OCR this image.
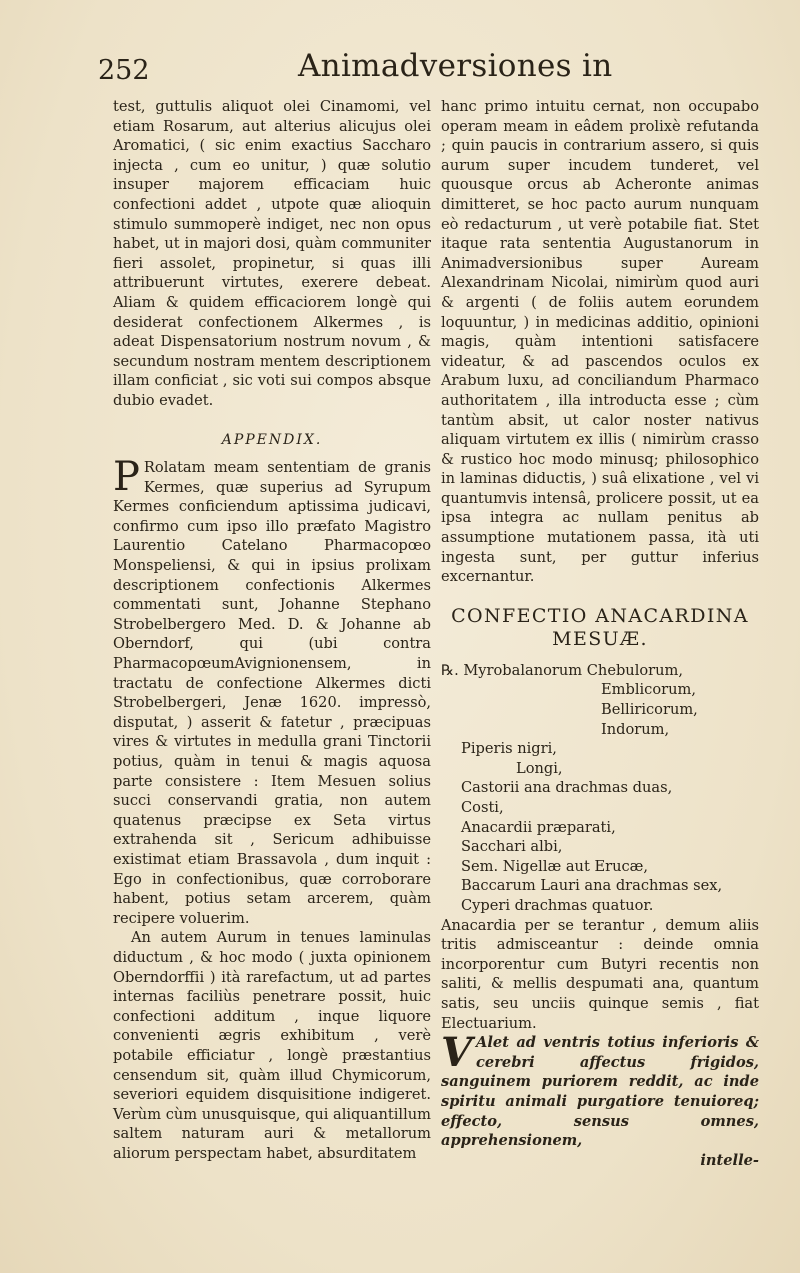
252	Animadversiones in

test, guttulis aliquot olei Cinamomi, vel etiam Rosarum, aut alterius alicujus olei Aromatici, ( sic enim exactius Saccharo injecta , cum eo unitur, ) quæ solutio insuper majorem efficaciam huic confectioni addet , utpote quæ alioquin stimulo summoperè indiget, nec non opus habet, ut in majori dosi, quàm communiter fieri assolet, propinetur, si quas illi attribuerunt virtutes, exerere debeat. Aliam & quidem efficaciorem longè qui desiderat confectionem Alkermes , is adeat Dispensatorium nostrum novum , & secundum nostram mentem descriptionem illam conficiat , sic voti sui compos absque dubio evadet.

APPENDIX.

P Rolatam meam sententiam de granis Kermes, quæ superius ad Syrupum Kermes conficiendum aptissima judicavi, confirmo cum ipso illo præfato Magistro Laurentio Catelano Pharmacopœo Monspeliensi, & qui in ipsius prolixam descriptionem confectionis Alkermes commentati sunt, Johanne Stephano Strobelbergero Med. D. & Johanne ab Oberndorf, qui (ubi contra PharmacopœumAvignionensem, in tractatu de confectione Alkermes dicti Strobelbergeri, Jenæ 1620. impressò, disputat, ) asserit & fatetur , præcipuas vires & virtutes in medulla grani Tinctorii potius, quàm in tenui & magis aquosa parte consistere : Item Mesuen solius succi conservandi gratia, non autem quatenus præcipse ex Seta virtus extrahenda sit , Sericum adhibuisse existimat etiam Brassavola , dum inquit : Ego in confectionibus, quæ corroborare habent, potius setam arcerem, quàm recipere voluerim.

An autem Aurum in tenues laminulas diductum , & hoc modo ( juxta opinionem Oberndorffii ) ità rarefactum, ut ad partes internas faciliùs penetrare possit, huic confectioni additum , inque liquore convenienti ægris exhibitum , verè potabile efficiatur , longè præstantius censendum sit, quàm illud Chymicorum, severiori equidem disquisitione indigeret. Verùm cùm unusquisque, qui aliquantillum saltem naturam auri & metallorum aliorum perspectam habet, absurditatem

hanc primo intuitu cernat, non occupabo operam meam in eâdem prolixè refutanda ; quin paucis in contrarium assero, si quis aurum super incudem tunderet, vel quousque orcus ab Acheronte animas dimitteret, se hoc pacto aurum nunquam eò redacturum , ut verè potabile fiat. Stet itaque rata sententia Augustanorum in Animadversionibus super Auream Alexandrinam Nicolai, nimirùm quod auri & argenti ( de foliis autem eorundem loquuntur, ) in medicinas additio, opinioni magis, quàm intentioni satisfacere videatur, & ad pascendos oculos ex Arabum luxu, ad conciliandum Pharmaco authoritatem , illa introducta esse ; cùm tantùm absit, ut calor noster nativus aliquam virtutem ex illis ( nimirùm crasso & rustico hoc modo minusq; philosophico in laminas diductis, ) suâ elixatione , vel vi quantumvis intensâ, prolicere possit, ut ea ipsa integra ac nullam penitus ab assumptione mutationem passa, ità uti ingesta sunt, per guttur inferius excernantur.

CONFECTIO ANACARDINA
MESUÆ.
℞. Myrobalanorum Chebulorum,
Emblicorum,
Belliricorum,
Indorum,
Piperis nigri,
Longi,
Castorii ana drachmas duas,
Costi,
Anacardii præparati,
Sacchari albi,
Sem. Nigellæ aut Erucæ,
Baccarum Lauri ana drachmas sex,
Cyperi drachmas quatuor.

Anacardia per se terantur , demum aliis tritis admisceantur : deinde omnia incorporentur cum Butyri recentis non saliti, & mellis despumati ana, quantum satis, seu unciis quinque semis , fiat Electuarium.

V Alet ad ventris totius inferioris & cerebri affectus frigidos, sanguinem puriorem reddit, ac inde spiritu animali purgatiore tenuioreq; effecto, sensus omnes, apprehensionem,

intelle-
